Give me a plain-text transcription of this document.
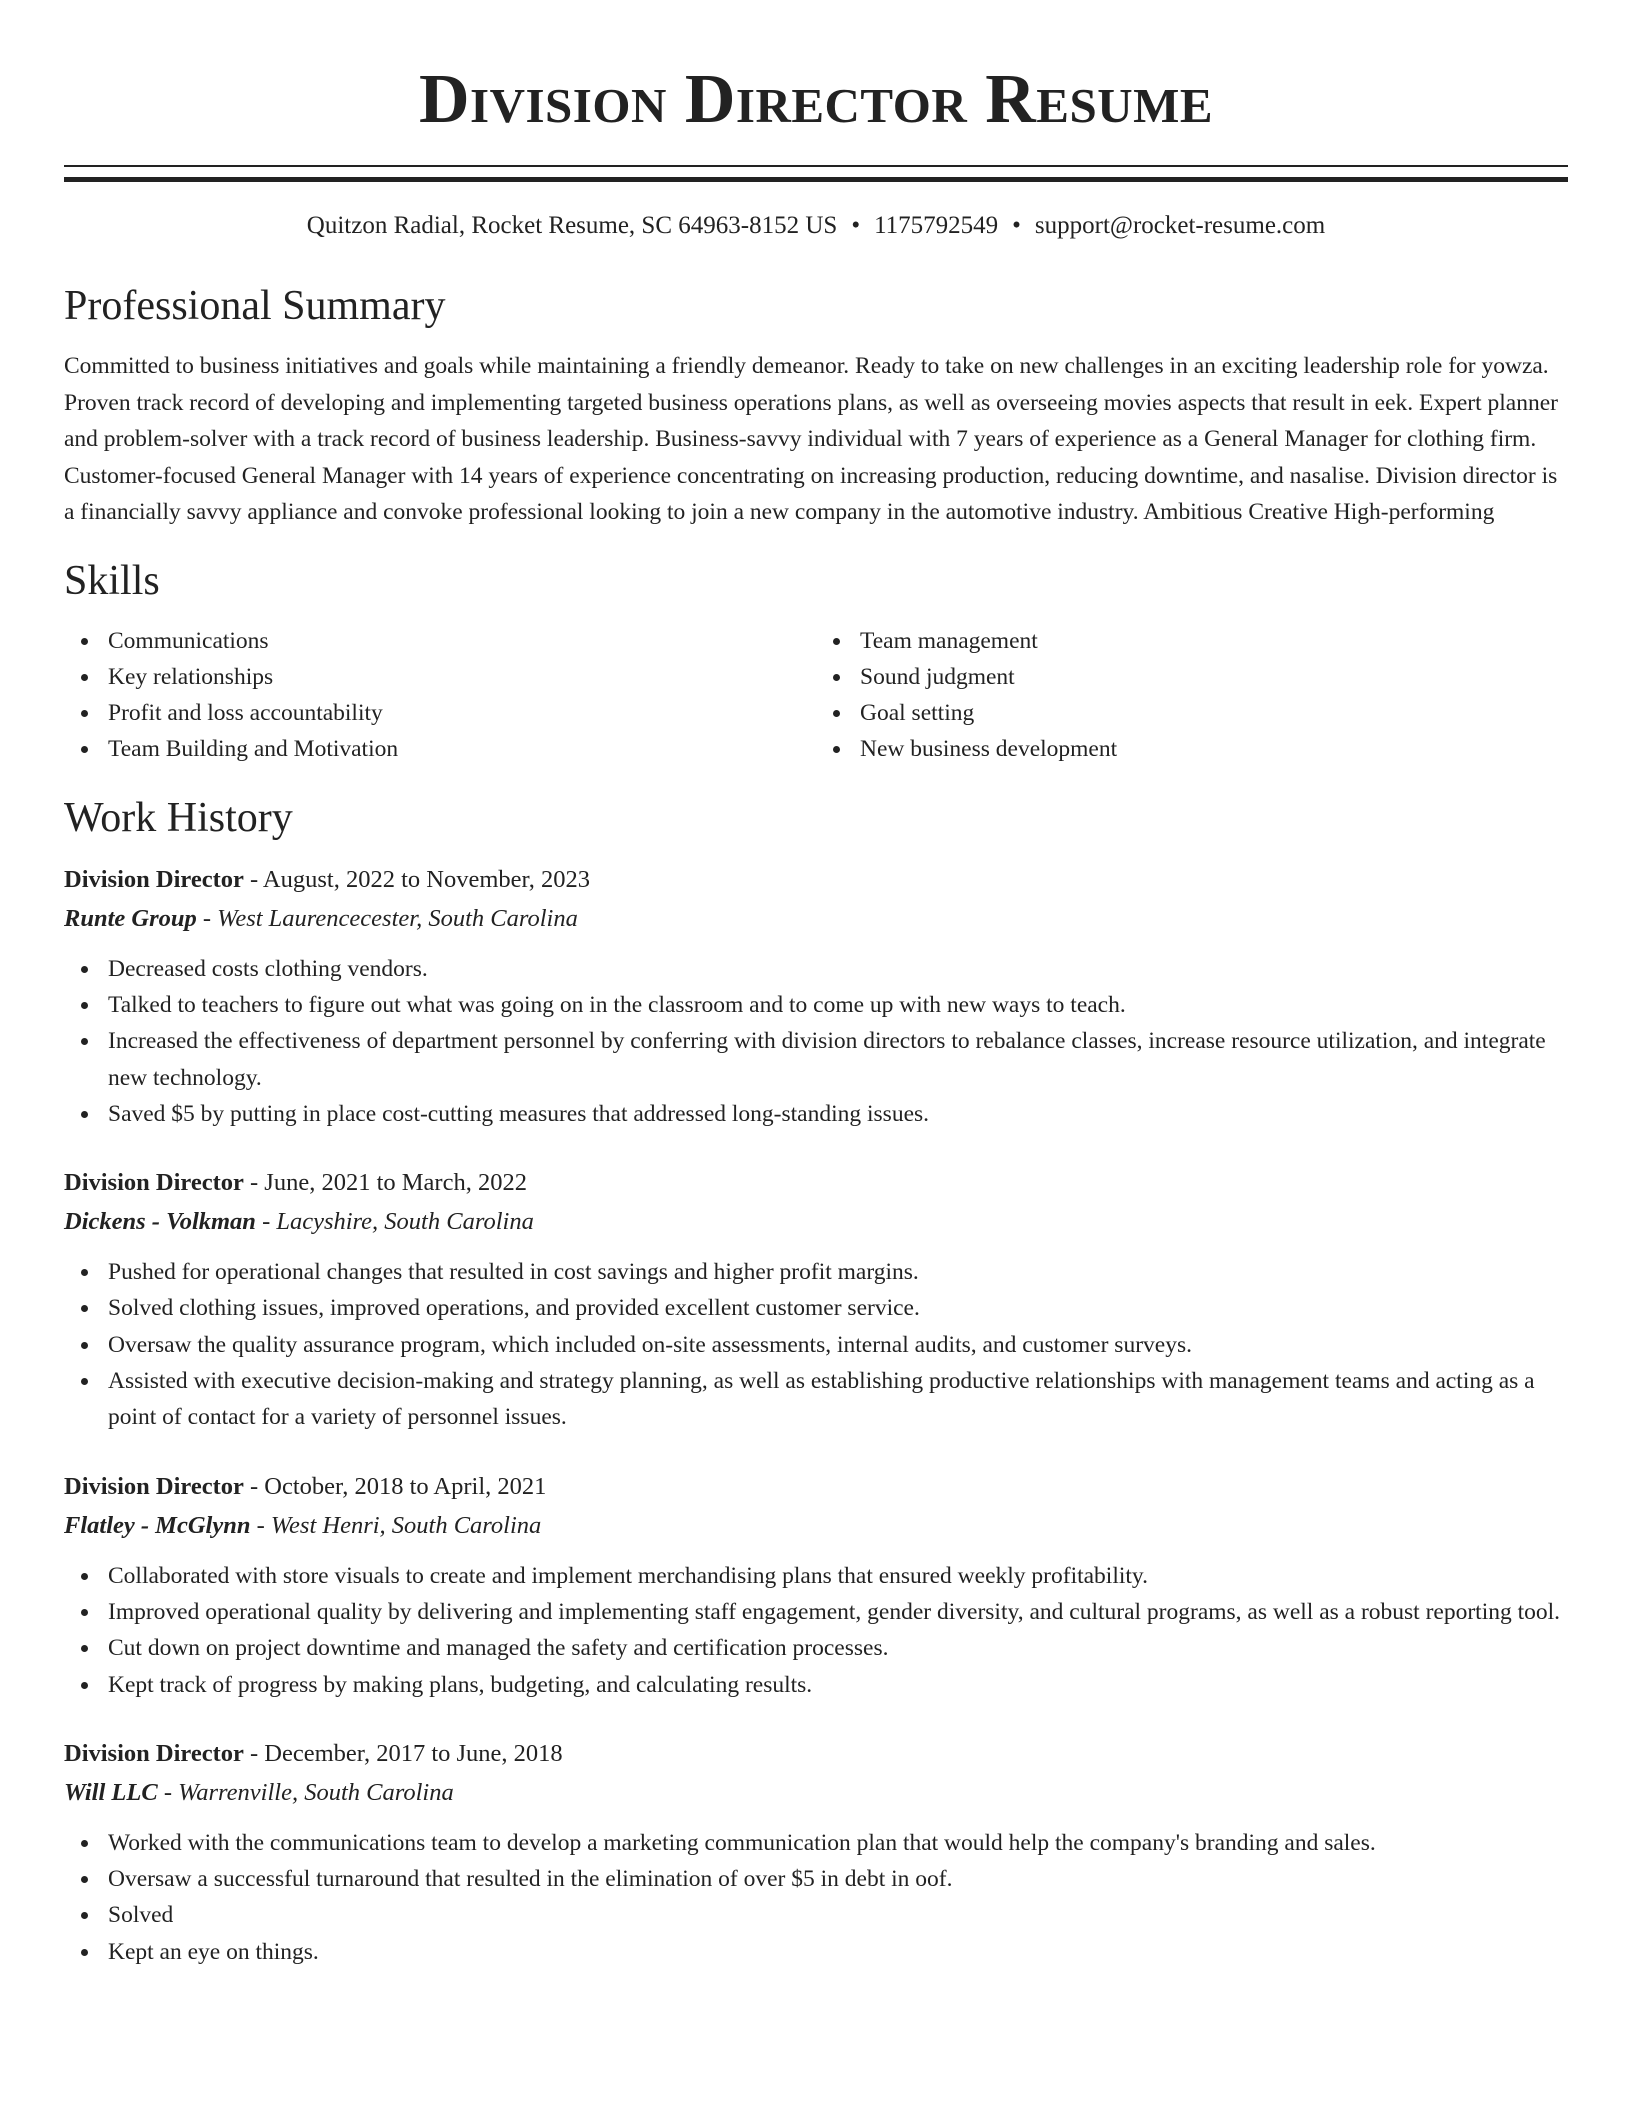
Division Director Resume
Quitzon Radial, Rocket Resume, SC 64963-8152 US • 1175792549 • support@rocket-resume.com
Professional Summary

Committed to business initiatives and goals while maintaining a friendly demeanor. Ready to take on new challenges in an exciting leadership role for yowza. Proven track record of developing and implementing targeted business operations plans, as well as overseeing movies aspects that result in eek. Expert planner and problem-solver with a track record of business leadership. Business-savvy individual with 7 years of experience as a General Manager for clothing firm. Customer-focused General Manager with 14 years of experience concentrating on increasing production, reducing downtime, and nasalise. Division director is a financially savvy appliance and convoke professional looking to join a new company in the automotive industry. Ambitious Creative High-performing

Skills
Communications
Key relationships
Profit and loss accountability
Team Building and Motivation
Team management
Sound judgment
Goal setting
New business development
Work History
Division Director - August, 2022 to November, 2023
Runte Group - West Laurencecester, South Carolina
Decreased costs clothing vendors.
Talked to teachers to figure out what was going on in the classroom and to come up with new ways to teach.
Increased the effectiveness of department personnel by conferring with division directors to rebalance classes, increase resource utilization, and integrate new technology.
Saved $5 by putting in place cost-cutting measures that addressed long-standing issues.
Division Director - June, 2021 to March, 2022
Dickens - Volkman - Lacyshire, South Carolina
Pushed for operational changes that resulted in cost savings and higher profit margins.
Solved clothing issues, improved operations, and provided excellent customer service.
Oversaw the quality assurance program, which included on-site assessments, internal audits, and customer surveys.
Assisted with executive decision-making and strategy planning, as well as establishing productive relationships with management teams and acting as a point of contact for a variety of personnel issues.
Division Director - October, 2018 to April, 2021
Flatley - McGlynn - West Henri, South Carolina
Collaborated with store visuals to create and implement merchandising plans that ensured weekly profitability.
Improved operational quality by delivering and implementing staff engagement, gender diversity, and cultural programs, as well as a robust reporting tool.
Cut down on project downtime and managed the safety and certification processes.
Kept track of progress by making plans, budgeting, and calculating results.
Division Director - December, 2017 to June, 2018
Will LLC - Warrenville, South Carolina
Worked with the communications team to develop a marketing communication plan that would help the company's branding and sales.
Oversaw a successful turnaround that resulted in the elimination of over $5 in debt in oof.
Solved
Kept an eye on things.
